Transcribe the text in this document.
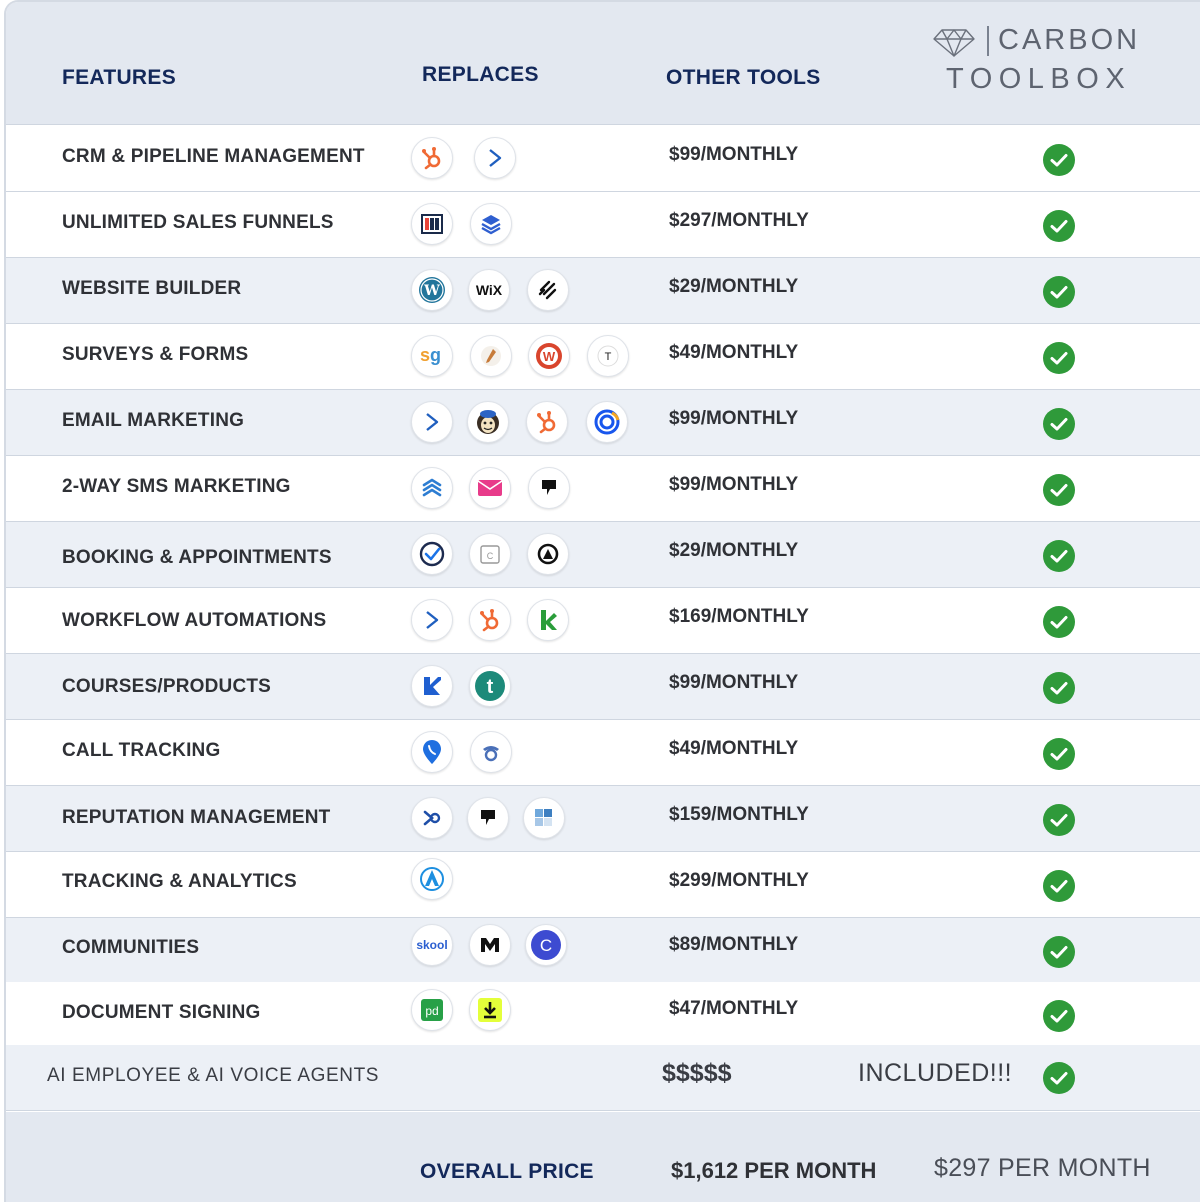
FEATURES	REPLACES	OTHER TOOLS
CARBON
TOOLBOX
CRM & PIPELINE MANAGEMENT	$99/MONTHLY
UNLIMITED SALES FUNNELS	$297/MONTHLY
WEBSITE BUILDER	W	WiX	$29/MONTHLY
SURVEYS & FORMS	s g	W	T	$49/MONTHLY
EMAIL MARKETING	$99/MONTHLY
2-WAY SMS MARKETING	$99/MONTHLY
BOOKING & APPOINTMENTS	C	$29/MONTHLY
WORKFLOW AUTOMATIONS	$169/MONTHLY
COURSES/PRODUCTS	t	$99/MONTHLY
CALL TRACKING	$49/MONTHLY
REPUTATION MANAGEMENT	$159/MONTHLY
TRACKING & ANALYTICS	$299/MONTHLY
COMMUNITIES	skool	C	$89/MONTHLY
DOCUMENT SIGNING	pd	$47/MONTHLY
AI EMPLOYEE & AI VOICE AGENTS	$$$$$	INCLUDED!!!
OVERALL PRICE	$1,612 PER MONTH $297 PER MONTH
